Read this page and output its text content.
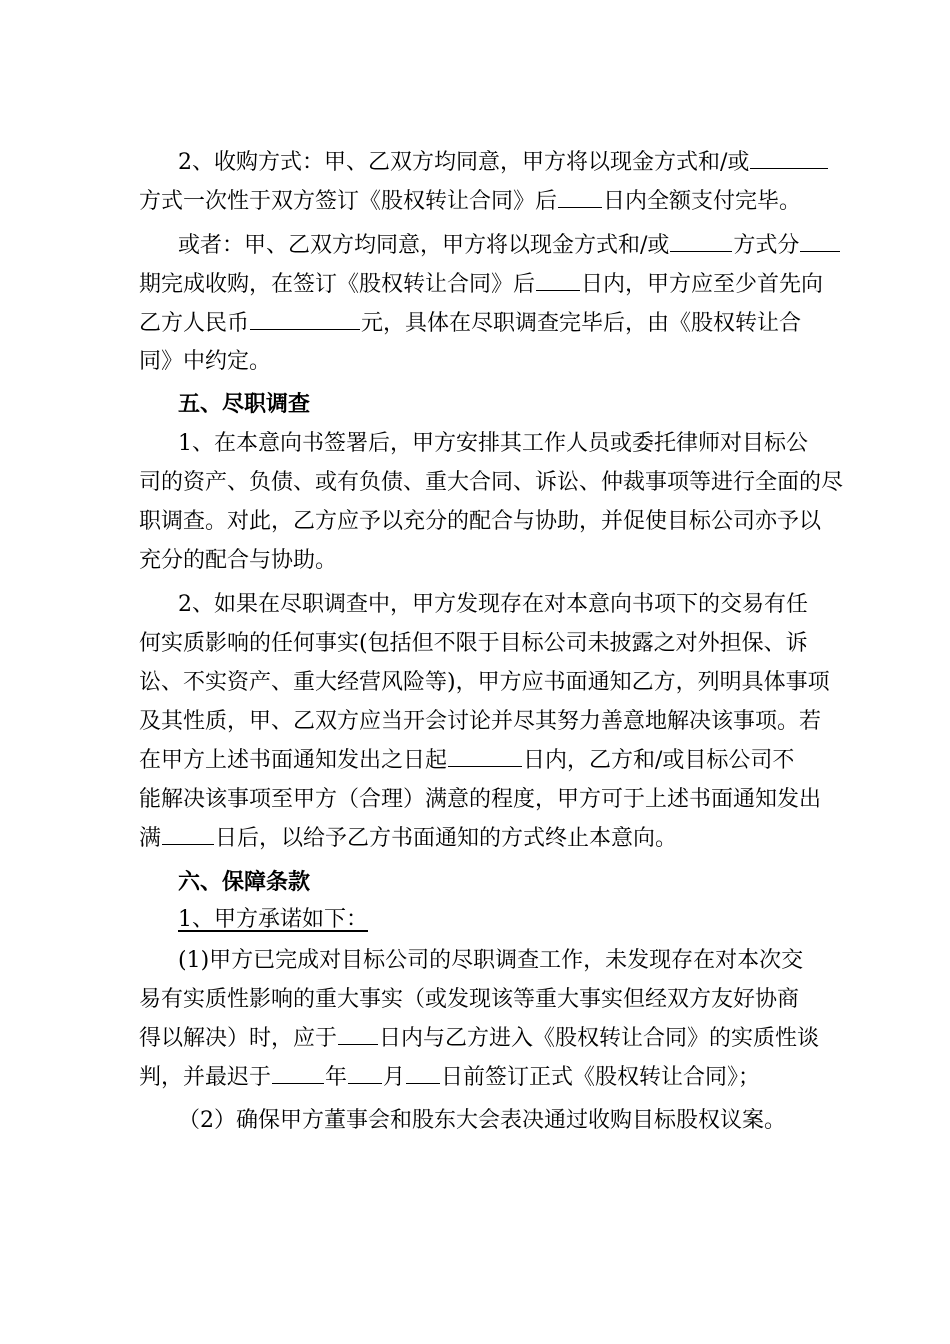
2、收购方式：甲、乙双方均同意，甲方将以现金方式和/或
方式一次性于双方签订《股权转让合同》后 日内全额支付完毕。
或者：甲、乙双方均同意，甲方将以现金方式和/或	方式分
期完成收购，在签订《股权转让合同》后 日内，甲方应至少首先向
乙方人民币	元，具体在尽职调查完毕后，由《股权转让合
同》中约定。
五、尽职调查
1、在本意向书签署后，甲方安排其工作人员或委托律师对目标公
司的资产、负债、或有负债、重大合同、诉讼、仲裁事项等进行全面的尽
职调查。对此，乙方应予以充分的配合与协助，并促使目标公司亦予以
充分的配合与协助。
2、如果在尽职调查中，甲方发现存在对本意向书项下的交易有任
何实质影响的任何事实(包括但不限于目标公司未披露之对外担保、诉
讼、不实资产、重大经营风险等)，甲方应书面通知乙方，列明具体事项
及其性质，甲、乙双方应当开会讨论并尽其努力善意地解决该事项。若
在甲方上述书面通知发出之日起	日内，乙方和/或目标公司不
能解决该事项至甲方（合理）满意的程度，甲方可于上述书面通知发出
满 日后，以给予乙方书面通知的方式终止本意向。
六、保障条款
1、甲方承诺如下：
(1)甲方已完成对目标公司的尽职调查工作，未发现存在对本次交
易有实质性影响的重大事实（或发现该等重大事实但经双方友好协商
得以解决）时，应于 日内与乙方进入《股权转让合同》的实质性谈
判，并最迟于 年 月 日前签订正式《股权转让合同》；
（2）确保甲方董事会和股东大会表决通过收购目标股权议案。
